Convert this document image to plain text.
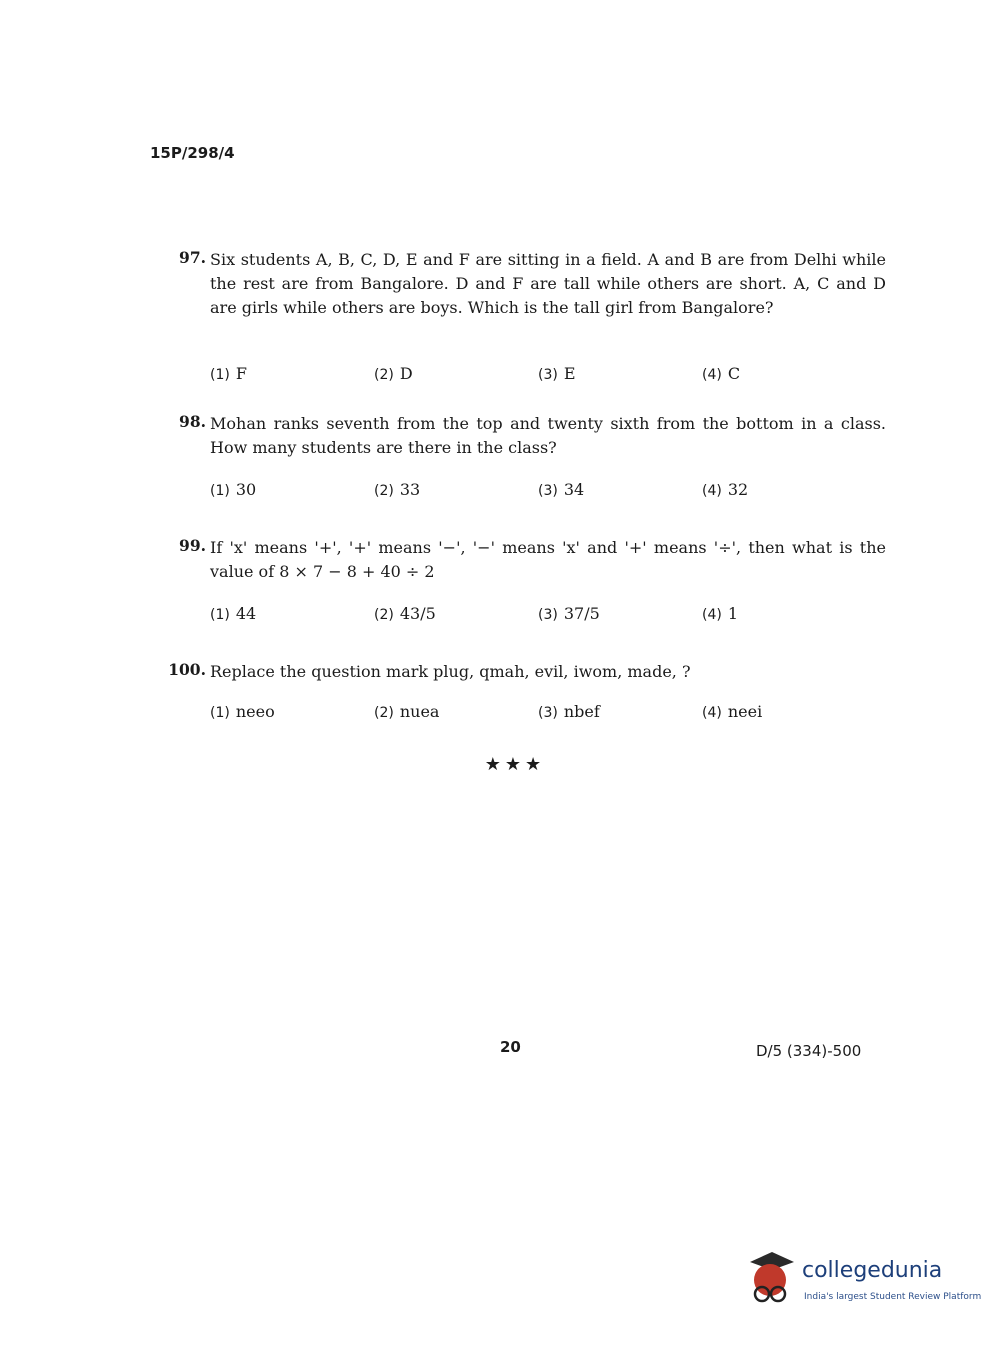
15P/298/4
97. Six students A, B, C, D, E and F are sitting in a field. A and B are from Delhi while the rest are from Bangalore. D and F are tall while others are short. A, C and D are girls while others are boys. Which is the tall girl from Bangalore?
(1) F	(2) D	(3) E	(4) C
98. Mohan ranks seventh from the top and twenty sixth from the bottom in a class. How many students are there in the class?
(1) 30	(2) 33	(3) 34	(4) 32
99. If 'x' means '+', '+' means '−', '−' means 'x' and '+' means '÷', then what is the value of 8 × 7 − 8 + 40 ÷ 2
(1) 44	(2) 43/5	(3) 37/5	(4) 1
100. Replace the question mark plug, qmah, evil, iwom, made, ?
(1) neeo	(2) nuea	(3) nbef	(4) neei
★★★
20	D/5 (334)-500
collegedunia
India's largest Student Review Platform
